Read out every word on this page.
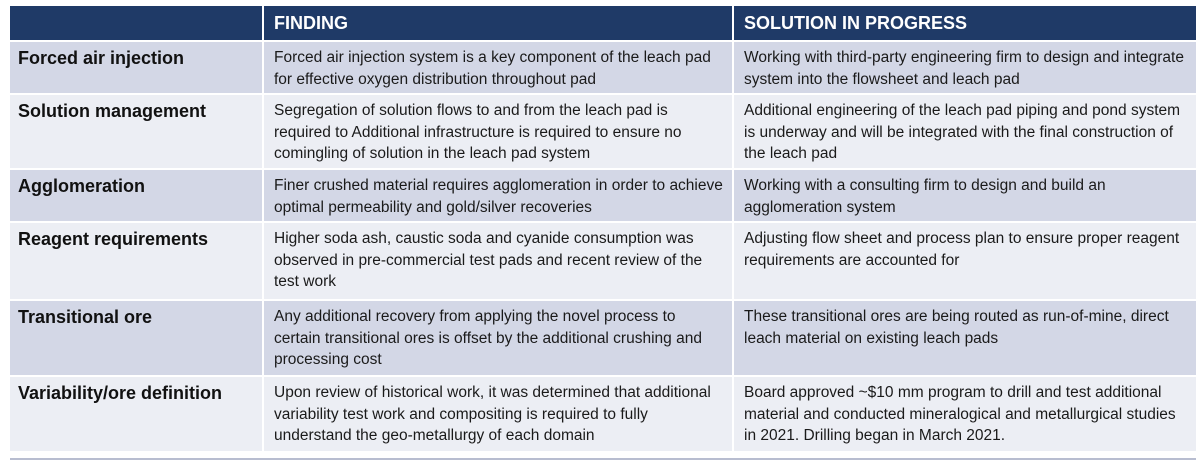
	FINDING	SOLUTION IN PROGRESS
Forced air injection	Forced air injection system is a key component of the leach pad for effective oxygen distribution throughout pad	Working with third-party engineering firm to design and integrate system into the flowsheet and leach pad
Solution management	Segregation of solution flows to and from the leach pad is required to Additional infrastructure is required to ensure no comingling of solution in the leach pad system	Additional engineering of the leach pad piping and pond system is underway and will be integrated with the final construction of the leach pad
Agglomeration	Finer crushed material requires agglomeration in order to achieve optimal permeability and gold/silver recoveries	Working with a consulting firm to design and build an agglomeration system
Reagent requirements	Higher soda ash, caustic soda and cyanide consumption was observed in pre-commercial test pads and recent review of the test work	Adjusting flow sheet and process plan to ensure proper reagent requirements are accounted for
Transitional ore	Any additional recovery from applying the novel process to certain transitional ores is offset by the additional crushing and processing cost	These transitional ores are being routed as run-of-mine, direct leach material on existing leach pads
Variability/ore definition	Upon review of historical work, it was determined that additional variability test work and compositing is required to fully understand the geo-metallurgy of each domain	Board approved ~$10 mm program to drill and test additional material and conducted mineralogical and metallurgical studies in 2021. Drilling began in March 2021.
